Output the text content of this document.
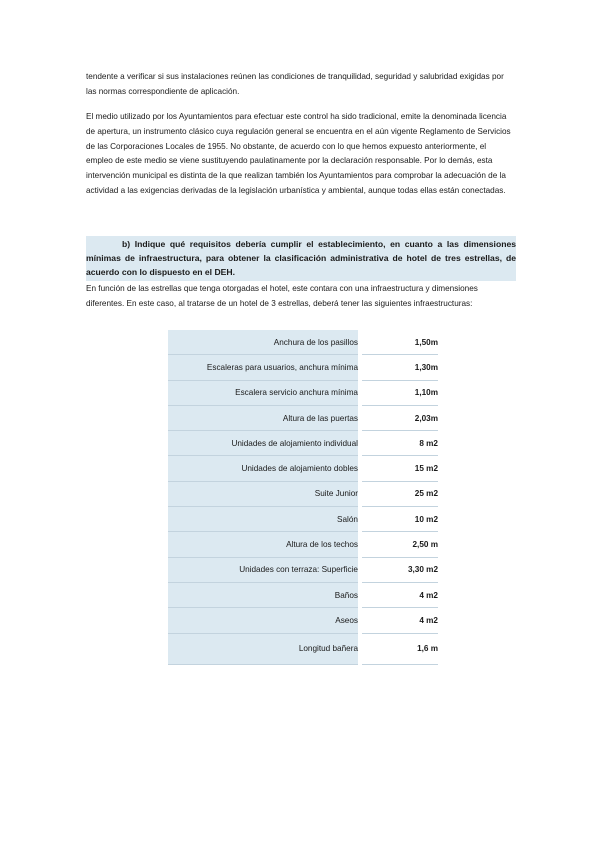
tendente a verificar si sus instalaciones reúnen las condiciones de tranquilidad, seguridad y salubridad exigidas por las normas correspondiente de aplicación.

El medio utilizado por los Ayuntamientos para efectuar este control ha sido tradicional, emite la denominada licencia de apertura, un instrumento clásico cuya regulación general se encuentra en el aún vigente Reglamento de Servicios de las Corporaciones Locales de 1955. No obstante, de acuerdo con lo que hemos expuesto anteriormente, el empleo de este medio se viene sustituyendo paulatinamente por la declaración responsable. Por lo demás, esta intervención municipal es distinta de la que realizan también los Ayuntamientos para comprobar la adecuación de la actividad a las exigencias derivadas de la legislación urbanística y ambiental, aunque todas ellas están conectadas.

b) Indique qué requisitos debería cumplir el establecimiento, en cuanto a las dimensiones mínimas de infraestructura, para obtener la clasificación administrativa de hotel de tres estrellas, de acuerdo con lo dispuesto en el DEH.

En función de las estrellas que tenga otorgadas el hotel, este contara con una infraestructura y dimensiones diferentes. En este caso, al tratarse de un hotel de 3 estrellas, deberá tener las siguientes infraestructuras:

Anchura de los pasillos		1,50m
Escaleras para usuarios, anchura mínima		1,30m
Escalera servicio anchura mínima		1,10m
Altura de las puertas		2,03m
Unidades de alojamiento individual		8 m2
Unidades de alojamiento dobles		15 m2
Suite Junior		25 m2
Salón		10 m2
Altura de los techos		2,50 m
Unidades con terraza: Superficie		3,30 m2
Baños		4 m2
Aseos		4 m2
Longitud bañera		1,6 m
